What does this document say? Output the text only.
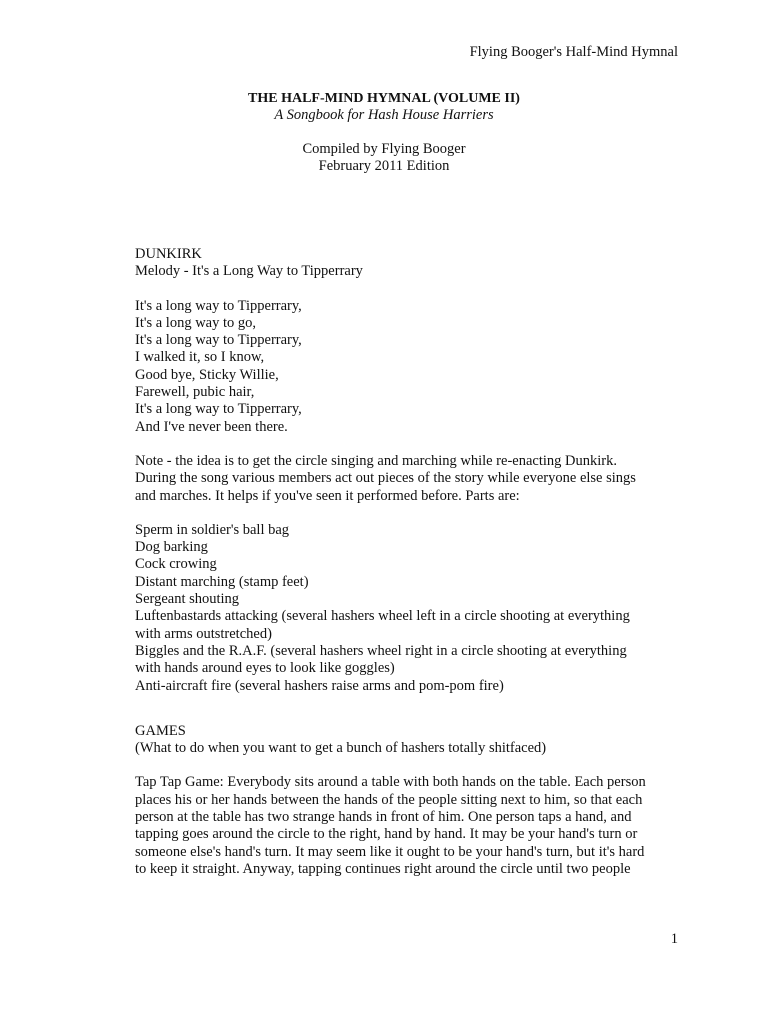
Flying Booger's Half-Mind Hymnal
THE HALF-MIND HYMNAL (VOLUME II)
A Songbook for Hash House Harriers
Compiled by Flying Booger
February 2011 Edition
DUNKIRK
Melody - It's a Long Way to Tipperrary
It's a long way to Tipperrary,
It's a long way to go,
It's a long way to Tipperrary,
I walked it, so I know,
Good bye, Sticky Willie,
Farewell, pubic hair,
It's a long way to Tipperrary,
And I've never been there.
Note - the idea is to get the circle singing and marching while re-enacting Dunkirk.
During the song various members act out pieces of the story while everyone else sings
and marches. It helps if you've seen it performed before. Parts are:
Sperm in soldier's ball bag
Dog barking
Cock crowing
Distant marching (stamp feet)
Sergeant shouting
Luftenbastards attacking (several hashers wheel left in a circle shooting at everything
with arms outstretched)
Biggles and the R.A.F. (several hashers wheel right in a circle shooting at everything
with hands around eyes to look like goggles)
Anti-aircraft fire (several hashers raise arms and pom-pom fire)
GAMES
(What to do when you want to get a bunch of hashers totally shitfaced)
Tap Tap Game: Everybody sits around a table with both hands on the table. Each person
places his or her hands between the hands of the people sitting next to him, so that each
person at the table has two strange hands in front of him. One person taps a hand, and
tapping goes around the circle to the right, hand by hand. It may be your hand's turn or
someone else's hand's turn. It may seem like it ought to be your hand's turn, but it's hard
to keep it straight. Anyway, tapping continues right around the circle until two people
1
